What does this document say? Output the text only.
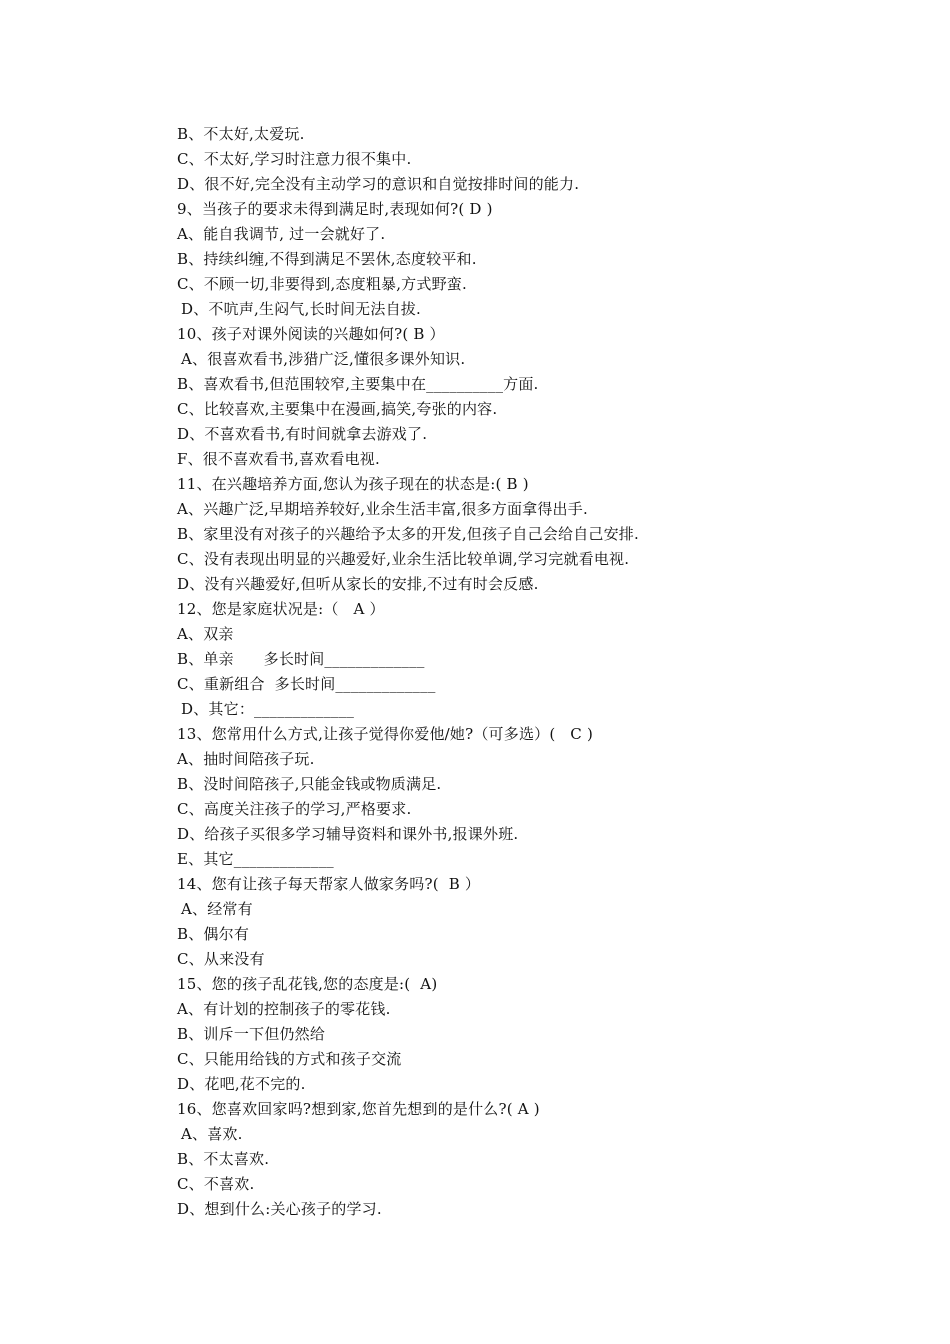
B、不太好,太爱玩.
C、不太好,学习时注意力很不集中.
D、很不好,完全没有主动学习的意识和自觉按排时间的能力.
9、当孩子的要求未得到满足时,表现如何?( D )
A、能自我调节, 过一会就好了.
B、持续纠缠,不得到满足不罢休,态度较平和.
C、不顾一切,非要得到,态度粗暴,方式野蛮.
D、不吭声,生闷气,长时间无法自拔.
10、孩子对课外阅读的兴趣如何?( B ）
A、很喜欢看书,涉猎广泛,懂很多课外知识.
B、喜欢看书,但范围较窄,主要集中在__________方面.
C、比较喜欢,主要集中在漫画,搞笑,夸张的内容.
D、不喜欢看书,有时间就拿去游戏了.
F、很不喜欢看书,喜欢看电视.
11、在兴趣培养方面,您认为孩子现在的状态是:( B )
A、兴趣广泛,早期培养较好,业余生活丰富,很多方面拿得出手.
B、家里没有对孩子的兴趣给予太多的开发,但孩子自己会给自己安排.
C、没有表现出明显的兴趣爱好,业余生活比较单调,学习完就看电视.
D、没有兴趣爱好,但听从家长的安排,不过有时会反感.
12、您是家庭状况是:（   A ）
A、双亲
B、单亲      多长时间_____________
C、重新组合  多长时间_____________
D、其它：_____________
13、您常用什么方式,让孩子觉得你爱他/她?（可多选）(   C )
A、抽时间陪孩子玩.
B、没时间陪孩子,只能金钱或物质满足.
C、高度关注孩子的学习,严格要求.
D、给孩子买很多学习辅导资料和课外书,报课外班.
E、其它_____________
14、您有让孩子每天帮家人做家务吗?(  B ）
A、经常有
B、偶尔有
C、从来没有
15、您的孩子乱花钱,您的态度是:(  A)
A、有计划的控制孩子的零花钱.
B、训斥一下但仍然给
C、只能用给钱的方式和孩子交流
D、花吧,花不完的.
16、您喜欢回家吗?想到家,您首先想到的是什么?( A )
A、喜欢.
B、不太喜欢.
C、不喜欢.
D、想到什么:关心孩子的学习.
